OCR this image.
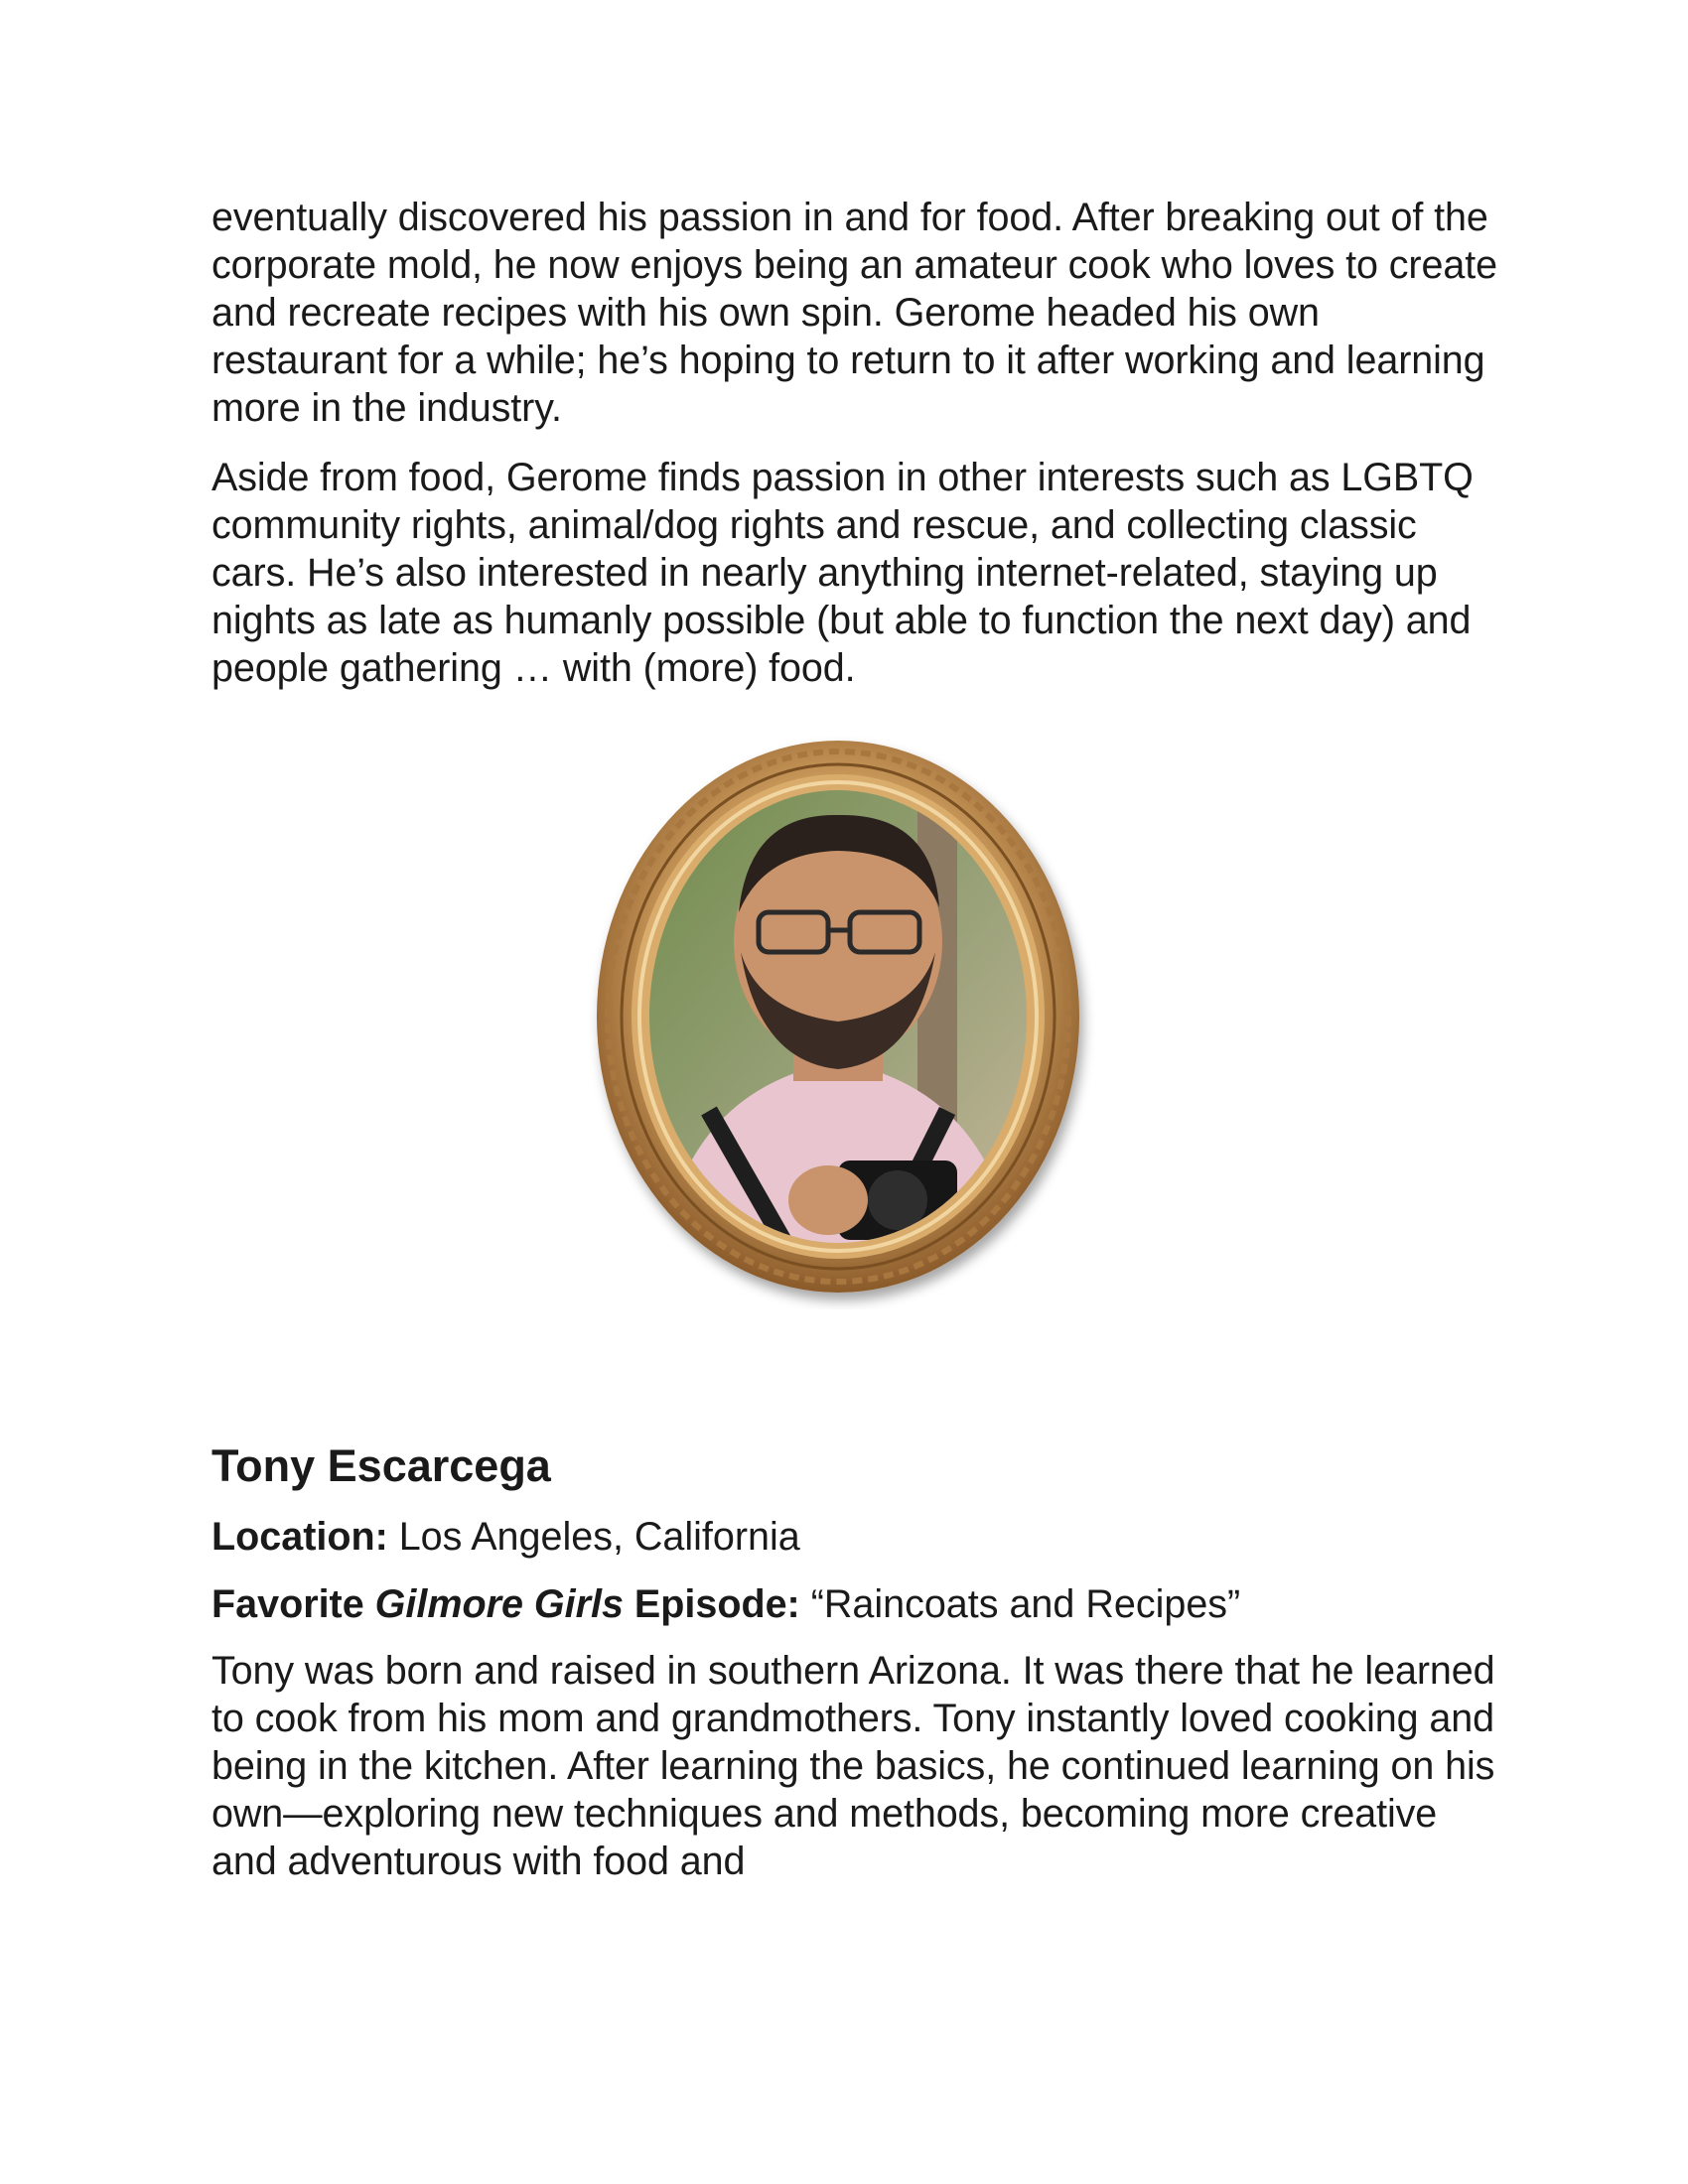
eventually discovered his passion in and for food. After breaking out of the corporate mold, he now enjoys being an amateur cook who loves to create and recreate recipes with his own spin. Gerome headed his own restaurant for a while; he’s hoping to return to it after working and learning more in the industry.

Aside from food, Gerome finds passion in other interests such as LGBTQ community rights, animal/dog rights and rescue, and collecting classic cars. He’s also interested in nearly anything internet-related, staying up nights as late as humanly possible (but able to function the next day) and people gathering … with (more) food.

Tony Escarcega

Location: Los Angeles, California

Favorite Gilmore Girls Episode: “Raincoats and Recipes”

Tony was born and raised in southern Arizona. It was there that he learned to cook from his mom and grandmothers. Tony instantly loved cooking and being in the kitchen. After learning the basics, he continued learning on his own—exploring new techniques and methods, becoming more creative and adventurous with food and
